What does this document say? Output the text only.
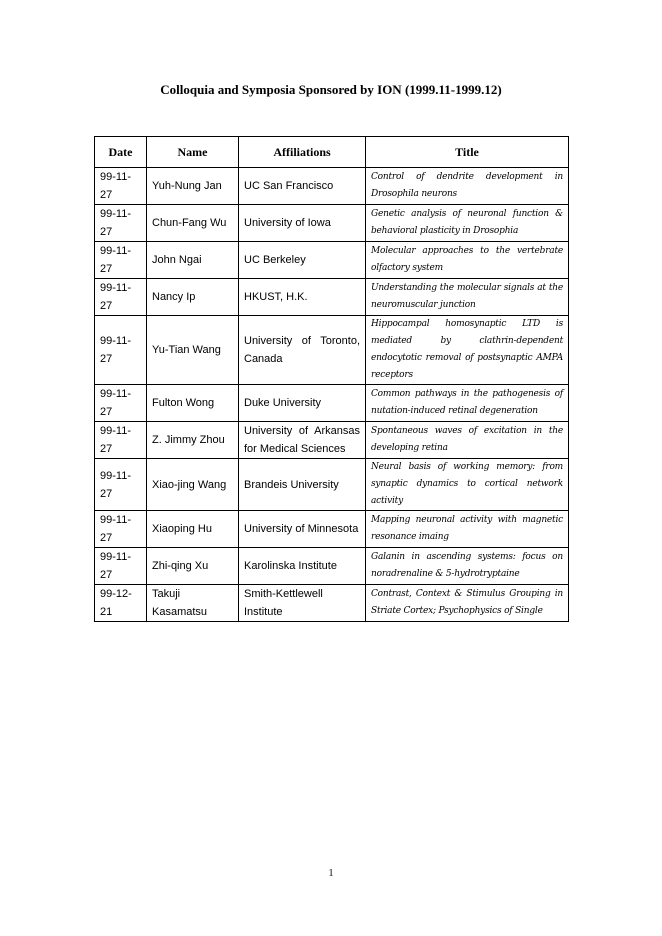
Colloquia and Symposia Sponsored by ION (1999.11-1999.12)
Date	Name	Affiliations	Title
99-11-27	Yuh-Nung Jan	UC San Francisco	Control of dendrite development in Drosophila neurons
99-11-27	Chun-Fang Wu	University of Iowa	Genetic analysis of neuronal function & behavioral plasticity in Drosophia
99-11-27	John Ngai	UC Berkeley	Molecular approaches to the vertebrate olfactory system
99-11-27	Nancy Ip	HKUST, H.K.	Understanding the molecular signals at the neuromuscular junction
99-11-27	Yu-Tian Wang	University of Toronto, Canada	Hippocampal homosynaptic LTD is mediated by clathrin-dependent endocytotic removal of postsynaptic AMPA receptors
99-11-27	Fulton Wong	Duke University	Common pathways in the pathogenesis of nutation-induced retinal degeneration
99-11-27	Z. Jimmy Zhou	University of Arkansas for Medical Sciences	Spontaneous waves of excitation in the developing retina
99-11-27	Xiao-jing Wang	Brandeis University	Neural basis of working memory: from synaptic dynamics to cortical network activity
99-11-27	Xiaoping Hu	University of Minnesota	Mapping neuronal activity with magnetic resonance imaing
99-11-27	Zhi-qing Xu	Karolinska Institute	Galanin in ascending systems: focus on noradrenaline & 5-hydrotryptaine
99-12-21	Takuji Kasamatsu	Smith-Kettlewell Institute	Contrast, Context & Stimulus Grouping in Striate Cortex; Psychophysics of Single
1
